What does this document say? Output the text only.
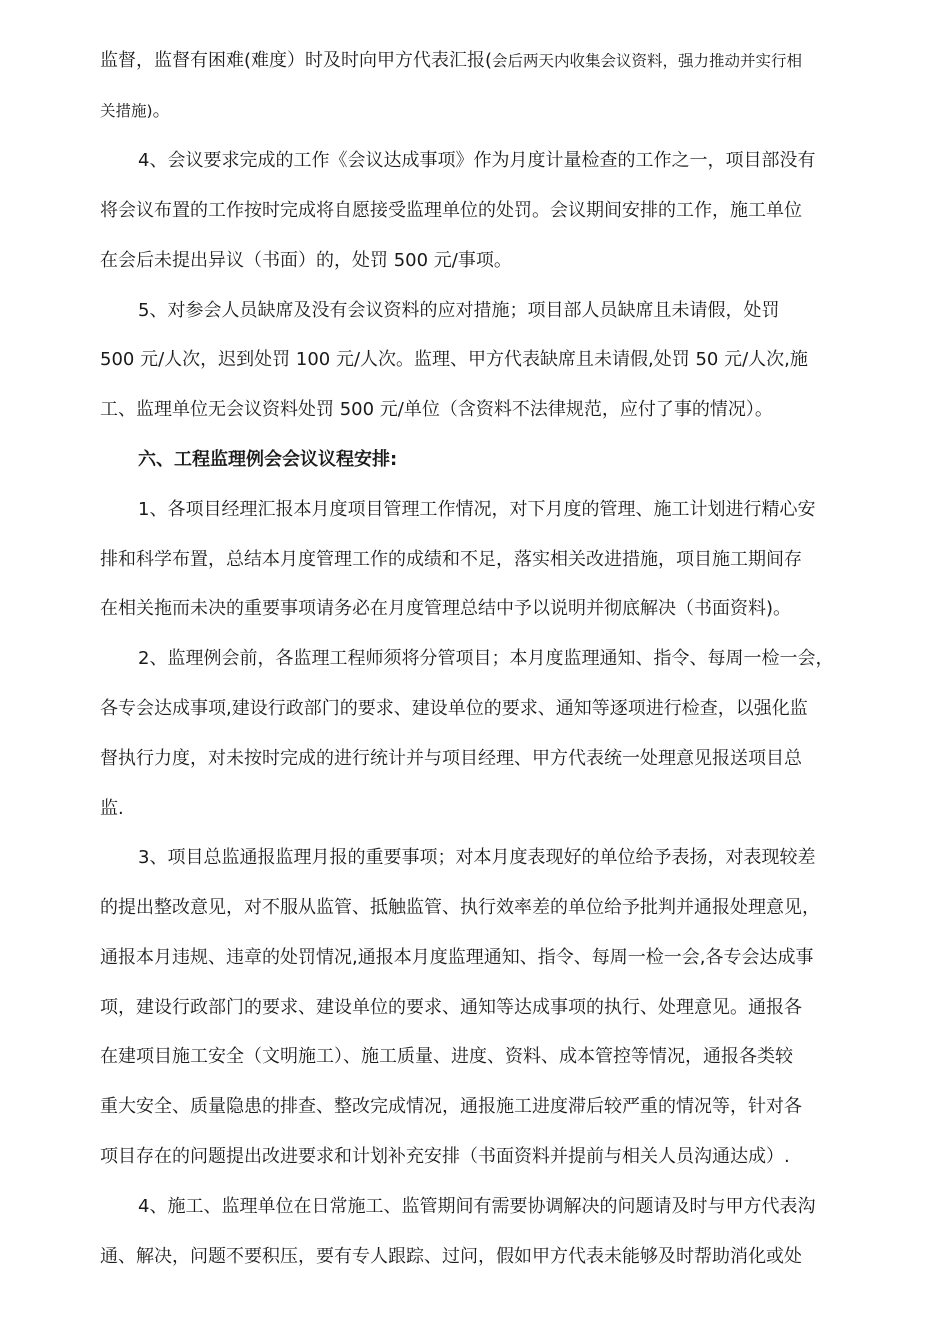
监督，监督有困难(难度）时及时向甲方代表汇报(会后两天内收集会议资料，强力推动并实行相
关措施)。
4、会议要求完成的工作《会议达成事项》作为月度计量检查的工作之一，项目部没有
将会议布置的工作按时完成将自愿接受监理单位的处罚。会议期间安排的工作，施工单位
在会后未提出异议（书面）的，处罚 500 元/事项。
5、对参会人员缺席及没有会议资料的应对措施；项目部人员缺席且未请假，处罚
500 元/人次，迟到处罚 100 元/人次。监理、甲方代表缺席且未请假,处罚 50 元/人次,施
工、监理单位无会议资料处罚 500 元/单位（含资料不法律规范，应付了事的情况）。
六、工程监理例会会议议程安排:
1、各项目经理汇报本月度项目管理工作情况，对下月度的管理、施工计划进行精心安
排和科学布置，总结本月度管理工作的成绩和不足，落实相关改进措施，项目施工期间存
在相关拖而未决的重要事项请务必在月度管理总结中予以说明并彻底解决（书面资料)。
2、监理例会前，各监理工程师须将分管项目；本月度监理通知、指令、每周一检一会，
各专会达成事项,建设行政部门的要求、建设单位的要求、通知等逐项进行检查，以强化监
督执行力度，对未按时完成的进行统计并与项目经理、甲方代表统一处理意见报送项目总
监.
3、项目总监通报监理月报的重要事项；对本月度表现好的单位给予表扬，对表现较差
的提出整改意见，对不服从监管、抵触监管、执行效率差的单位给予批判并通报处理意见，
通报本月违规、违章的处罚情况,通报本月度监理通知、指令、每周一检一会,各专会达成事
项，建设行政部门的要求、建设单位的要求、通知等达成事项的执行、处理意见。通报各
在建项目施工安全（文明施工）、施工质量、进度、资料、成本管控等情况，通报各类较
重大安全、质量隐患的排查、整改完成情况，通报施工进度滞后较严重的情况等，针对各
项目存在的问题提出改进要求和计划补充安排（书面资料并提前与相关人员沟通达成）.
4、施工、监理单位在日常施工、监管期间有需要协调解决的问题请及时与甲方代表沟
通、解决，问题不要积压，要有专人跟踪、过问，假如甲方代表未能够及时帮助消化或处
